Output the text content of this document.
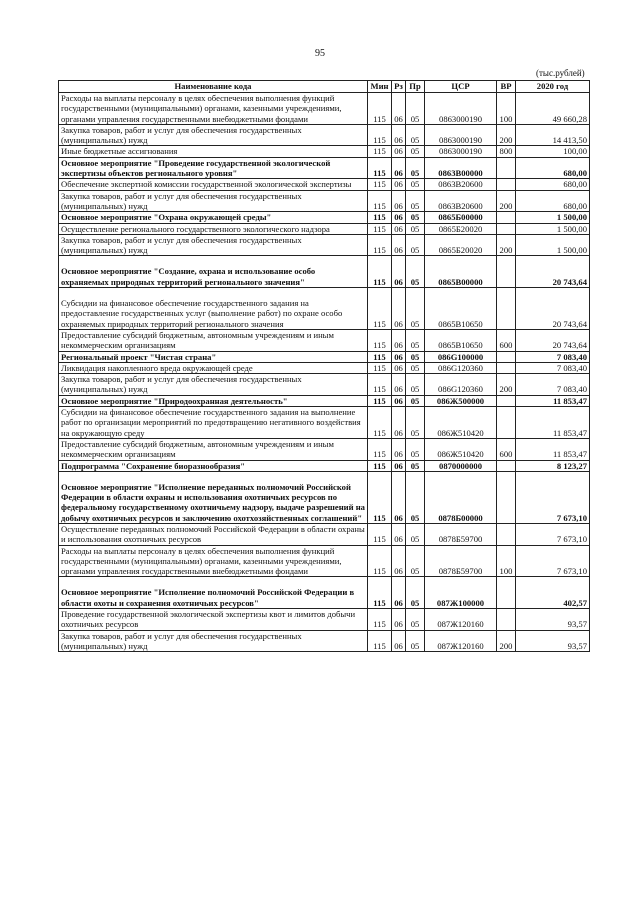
95
(тыс.рублей)
Наименование кода	Мин	Рз	Пр	ЦСР	ВР	2020 год
Расходы на выплаты персоналу в целях обеспечения выполнения функций государственными (муниципальными) органами, казенными учреждениями, органами управления государственными внебюджетными фондами	115	06	05	0863000190	100	49 660,28
Закупка товаров, работ и услуг для обеспечения государственных (муниципальных) нужд	115	06	05	0863000190	200	14 413,50
Иные бюджетные ассигнования	115	06	05	0863000190	800	100,00
Основное мероприятие "Проведение государственной экологической экспертизы объектов регионального уровня"	115	06	05	0863В00000		680,00
Обеспечение экспертной комиссии государственной экологической экспертизы	115	06	05	0863В20600		680,00
Закупка товаров, работ и услуг для обеспечения государственных (муниципальных) нужд	115	06	05	0863В20600	200	680,00
Основное мероприятие "Охрана окружающей среды"	115	06	05	0865Б00000		1 500,00
Осуществление регионального государственного экологического надзора	115	06	05	0865Б20020		1 500,00
Закупка товаров, работ и услуг для обеспечения государственных (муниципальных) нужд	115	06	05	0865Б20020	200	1 500,00
Основное мероприятие "Создание, охрана и использование особо охраняемых природных территорий регионального значения"	115	06	05	0865В00000		20 743,64
Субсидии на финансовое обеспечение государственного задания на предоставление государственных услуг (выполнение работ) по охране особо охраняемых природных территорий регионального значения	115	06	05	0865В10650		20 743,64
Предоставление субсидий бюджетным, автономным учреждениям и иным некоммерческим организациям	115	06	05	0865В10650	600	20 743,64
Региональный проект "Чистая страна"	115	06	05	086G100000		7 083,40
Ликвидация накопленного вреда окружающей среде	115	06	05	086G120360		7 083,40
Закупка товаров, работ и услуг для обеспечения государственных (муниципальных) нужд	115	06	05	086G120360	200	7 083,40
Основное мероприятие "Природоохранная деятельность"	115	06	05	086Ж500000		11 853,47
Субсидии на финансовое обеспечение государственного задания на выполнение работ по организации мероприятий по предотвращению негативного воздействия на окружающую среду	115	06	05	086Ж510420		11 853,47
Предоставление субсидий бюджетным, автономным учреждениям и иным некоммерческим организациям	115	06	05	086Ж510420	600	11 853,47
Подпрограмма "Сохранение биоразнообразия"	115	06	05	0870000000		8 123,27
Основное мероприятие "Исполнение переданных полномочий Российской Федерации в области охраны и использования охотничьих ресурсов по федеральному государственному охотничьему надзору, выдаче разрешений на добычу охотничьих ресурсов и заключению охотхозяйственных соглашений"	115	06	05	0878Б00000		7 673,10
Осуществление переданных полномочий Российской Федерации в области охраны и использования охотничьих ресурсов	115	06	05	0878Б59700		7 673,10
Расходы на выплаты персоналу в целях обеспечения выполнения функций государственными (муниципальными) органами, казенными учреждениями, органами управления государственными внебюджетными фондами	115	06	05	0878Б59700	100	7 673,10
Основное мероприятие "Исполнение полномочий Российской Федерации в области охоты и сохранения охотничьих ресурсов"	115	06	05	087Ж100000		402,57
Проведение государственной экологической экспертизы квот и лимитов добычи охотничьих ресурсов	115	06	05	087Ж120160		93,57
Закупка товаров, работ и услуг для обеспечения государственных (муниципальных) нужд	115	06	05	087Ж120160	200	93,57
